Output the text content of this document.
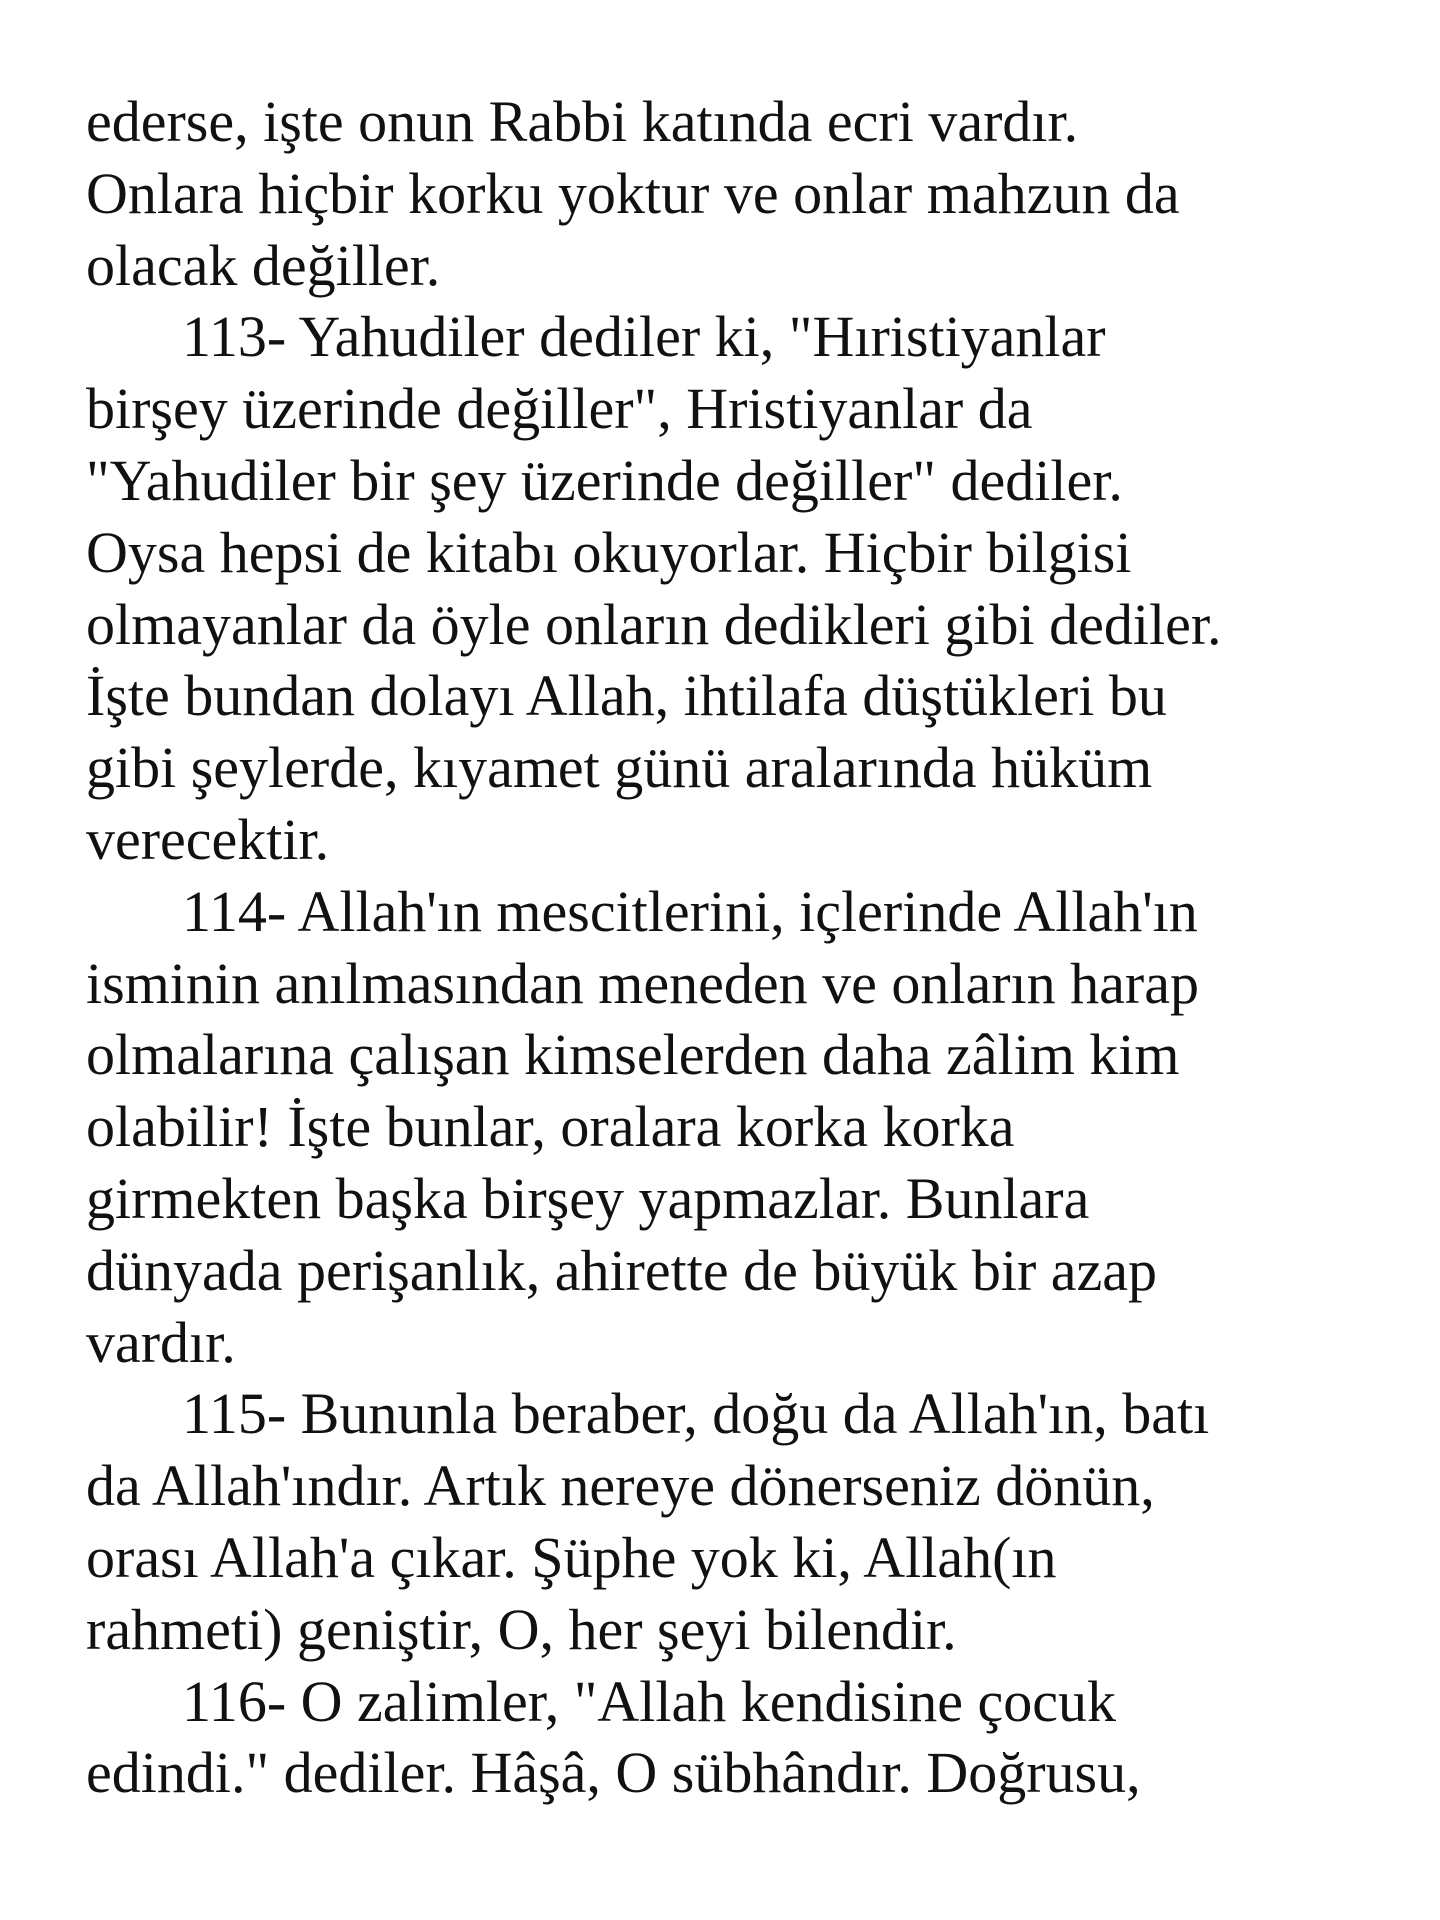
ederse, işte onun Rabbi katında ecri vardır.
Onlara hiçbir korku yoktur ve onlar mahzun da
olacak değiller.
113- Yahudiler dediler ki, "Hıristiyanlar
birşey üzerinde değiller", Hristiyanlar da
"Yahudiler bir şey üzerinde değiller" dediler.
Oysa hepsi de kitabı okuyorlar. Hiçbir bilgisi
olmayanlar da öyle onların dedikleri gibi dediler.
İşte bundan dolayı Allah, ihtilafa düştükleri bu
gibi şeylerde, kıyamet günü aralarında hüküm
verecektir.
114- Allah'ın mescitlerini, içlerinde Allah'ın
isminin anılmasından meneden ve onların harap
olmalarına çalışan kimselerden daha zâlim kim
olabilir! İşte bunlar, oralara korka korka
girmekten başka birşey yapmazlar. Bunlara
dünyada perişanlık, ahirette de büyük bir azap
vardır.
115- Bununla beraber, doğu da Allah'ın, batı
da Allah'ındır. Artık nereye dönerseniz dönün,
orası Allah'a çıkar. Şüphe yok ki, Allah(ın
rahmeti) geniştir, O, her şeyi bilendir.
116- O zalimler, "Allah kendisine çocuk
edindi." dediler. Hâşâ, O sübhândır. Doğrusu,
